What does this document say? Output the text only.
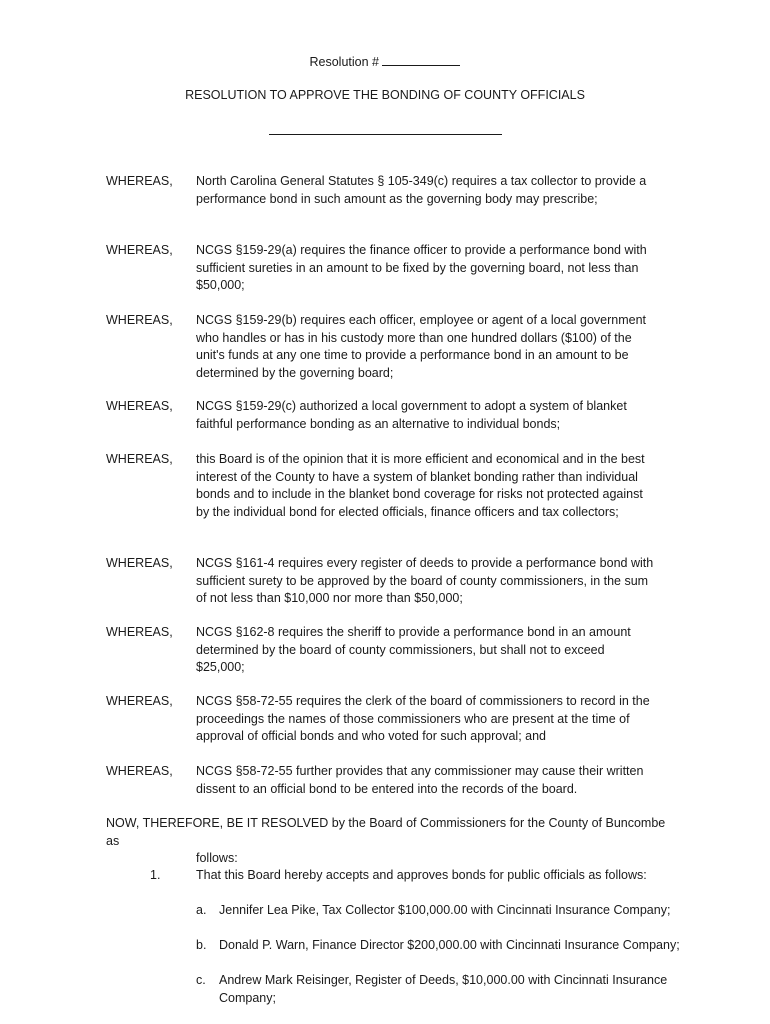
Resolution #
RESOLUTION TO APPROVE THE BONDING OF COUNTY OFFICIALS
WHEREAS, North Carolina General Statutes § 105-349(c) requires a tax collector to provide a performance bond in such amount as the governing body may prescribe;
WHEREAS, NCGS §159-29(a) requires the finance officer to provide a performance bond with sufficient sureties in an amount to be fixed by the governing board, not less than $50,000;
WHEREAS, NCGS §159-29(b) requires each officer, employee or agent of a local government who handles or has in his custody more than one hundred dollars ($100) of the unit's funds at any one time to provide a performance bond in an amount to be determined by the governing board;
WHEREAS, NCGS §159-29(c) authorized a local government to adopt a system of blanket faithful performance bonding as an alternative to individual bonds;
WHEREAS, this Board is of the opinion that it is more efficient and economical and in the best interest of the County to have a system of blanket bonding rather than individual bonds and to include in the blanket bond coverage for risks not protected against by the individual bond for elected officials, finance officers and tax collectors;
WHEREAS, NCGS §161-4 requires every register of deeds to provide a performance bond with sufficient surety to be approved by the board of county commissioners, in the sum of not less than $10,000 nor more than $50,000;
WHEREAS, NCGS §162-8 requires the sheriff to provide a performance bond in an amount determined by the board of county commissioners, but shall not to exceed $25,000;
WHEREAS, NCGS §58-72-55 requires the clerk of the board of commissioners to record in the proceedings the names of those commissioners who are present at the time of approval of official bonds and who voted for such approval; and
WHEREAS, NCGS §58-72-55 further provides that any commissioner may cause their written dissent to an official bond to be entered into the records of the board.
NOW, THEREFORE, BE IT RESOLVED by the Board of Commissioners for the County of Buncombe as
follows:
1.	That this Board hereby accepts and approves bonds for public officials as follows:
a. Jennifer Lea Pike, Tax Collector $100,000.00 with Cincinnati Insurance Company;
b. Donald P. Warn, Finance Director $200,000.00 with Cincinnati Insurance Company;
c. Andrew Mark Reisinger, Register of Deeds, $10,000.00 with Cincinnati Insurance Company;
